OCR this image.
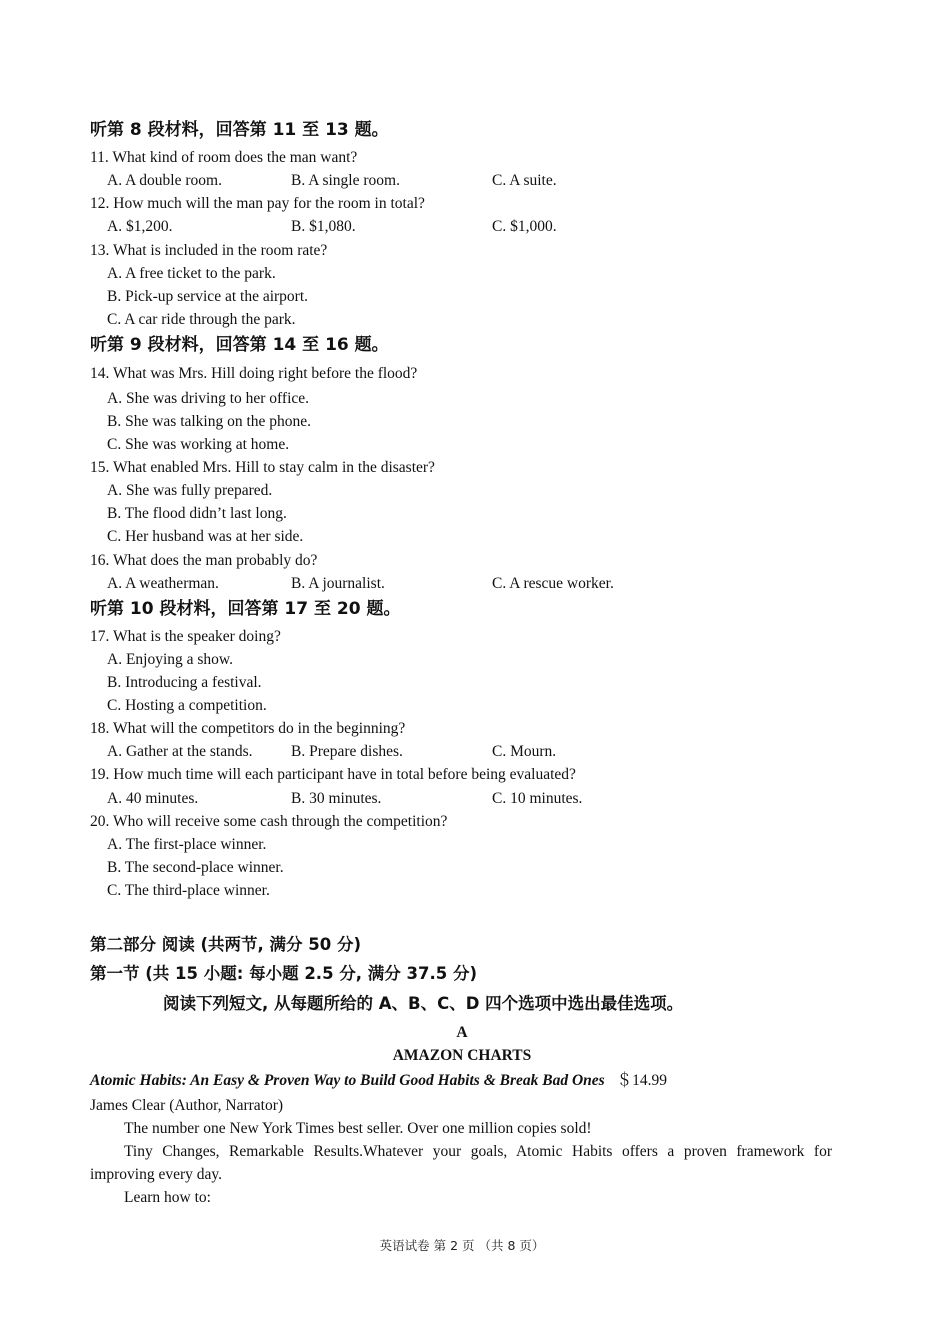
听第 8 段材料，回答第 11 至 13 题。
11. What kind of room does the man want?
A. A double room.	B. A single room.	C. A suite.
12. How much will the man pay for the room in total?
A. $1,200.	B. $1,080.	C. $1,000.
13. What is included in the room rate?
A. A free ticket to the park.
B. Pick-up service at the airport.
C. A car ride through the park.
听第 9 段材料，回答第 14 至 16 题。
14. What was Mrs. Hill doing right before the flood?
A. She was driving to her office.
B. She was talking on the phone.
C. She was working at home.
15. What enabled Mrs. Hill to stay calm in the disaster?
A. She was fully prepared.
B. The flood didn’t last long.
C. Her husband was at her side.
16. What does the man probably do?
A. A weatherman.	B. A journalist.	C. A rescue worker.
听第 10 段材料，回答第 17 至 20 题。
17. What is the speaker doing?
A. Enjoying a show.
B. Introducing a festival.
C. Hosting a competition.
18. What will the competitors do in the beginning?
A. Gather at the stands. B. Prepare dishes.	C. Mourn.
19. How much time will each participant have in total before being evaluated?
A. 40 minutes.	B. 30 minutes.	C. 10 minutes.
20. Who will receive some cash through the competition?
A. The first-place winner.
B. The second-place winner.
C. The third-place winner.
第二部分 阅读 (共两节, 满分 50 分)
第一节 (共 15 小题: 每小题 2.5 分, 满分 37.5 分)
阅读下列短文, 从每题所给的 A、B、C、D 四个选项中选出最佳选项。
A
AMAZON CHARTS
Atomic Habits: An Easy & Proven Way to Build Good Habits & Break Bad Ones ＄14.99
James Clear (Author, Narrator)
The number one New York Times best seller. Over one million copies sold!
Tiny Changes, Remarkable Results.Whatever your goals, Atomic Habits offers a proven framework for improving every day.
Learn how to:
英语试卷 第 2 页 （共 8 页）
